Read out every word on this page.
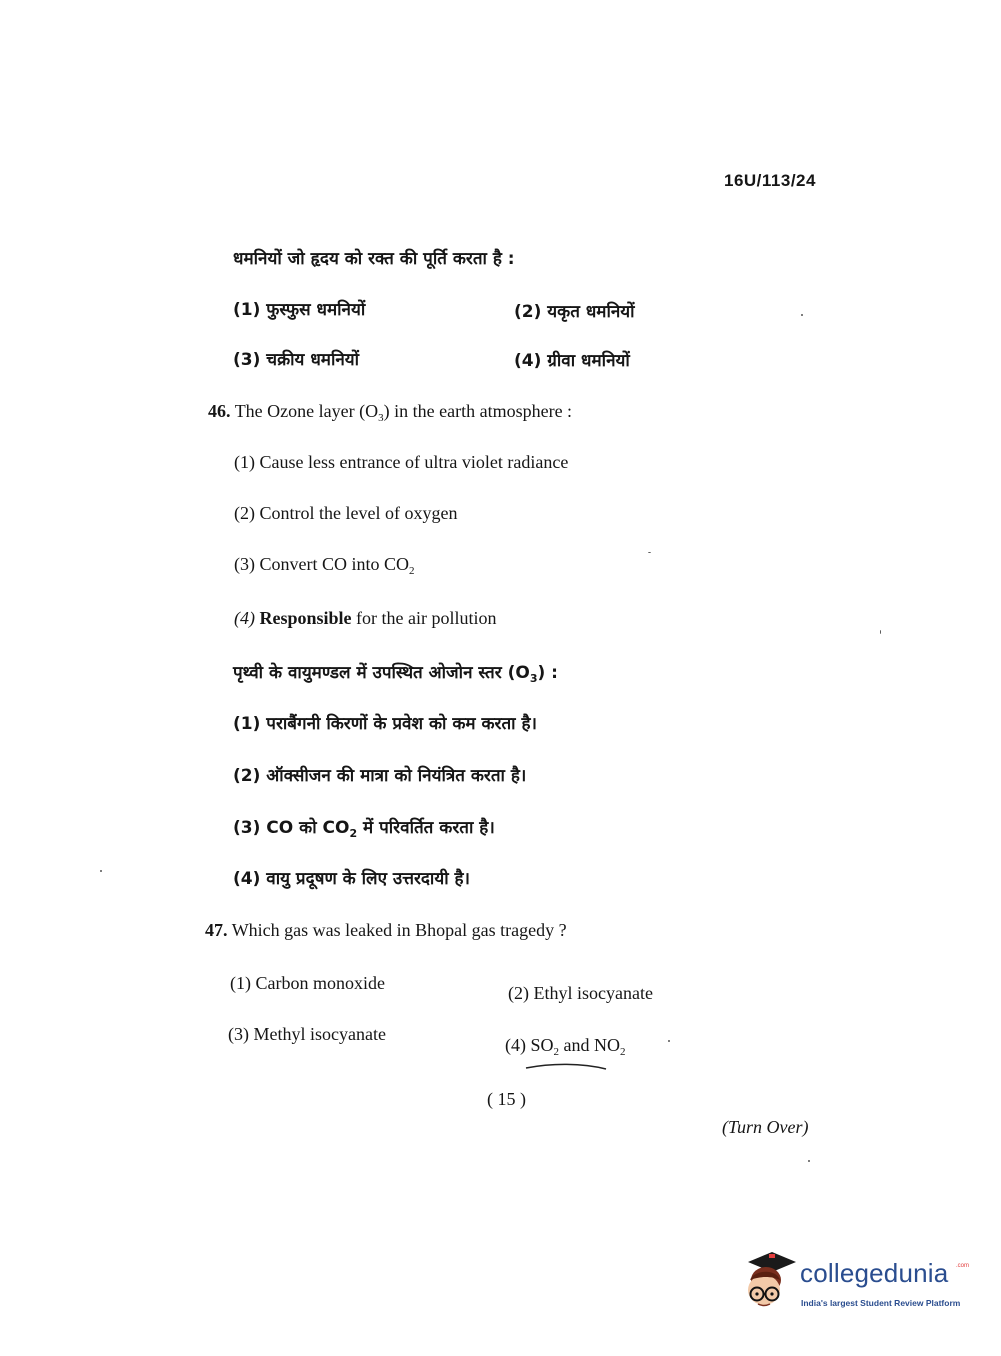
16U/113/24
धमनियों जो हृदय को रक्त की पूर्ति करता है :
(1) फुस्फुस धमनियों	(2) यकृत धमनियों
(3) चक्रीय धमनियों	(4) ग्रीवा धमनियों
46. The Ozone layer $(O_3)$ in the earth atmosphere :
(1) Cause less entrance of ultra violet radiance
(2) Control the level of oxygen
(3) Convert CO into $CO_2$
(4) Responsible for the air pollution
पृथ्वी के वायुमण्डल में उपस्थित ओजोन स्तर $(O_3)$ :
(1) पराबैंगनी किरणों के प्रवेश को कम करता है।
(2) ऑक्सीजन की मात्रा को नियंत्रित करता है।
(3) CO को $CO_2$ में परिवर्तित करता है।
(4) वायु प्रदूषण के लिए उत्तरदायी है।
47. Which gas was leaked in Bhopal gas tragedy ?
(1) Carbon monoxide	(2) Ethyl isocyanate
(3) Methyl isocyanate
(4) $SO_2$ and $NO_2$
( 15 )
(Turn Over)
collegedunia .com
India's largest Student Review Platform
